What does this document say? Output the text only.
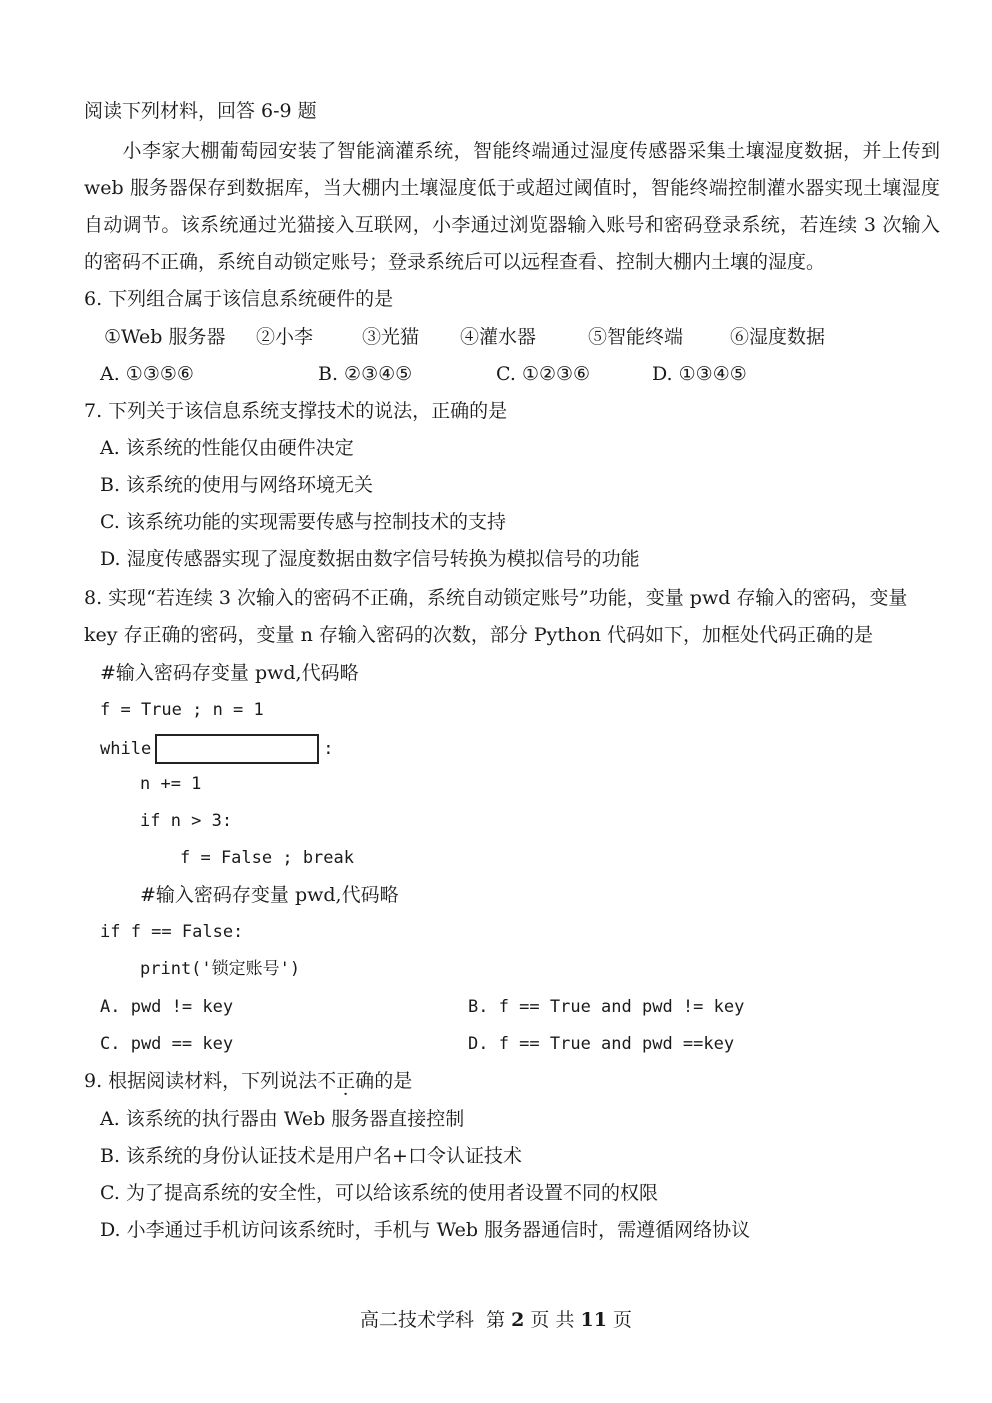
阅读下列材料，回答 6-9 题
小李家大棚葡萄园安装了智能滴灌系统，智能终端通过湿度传感器采集土壤湿度数据，并上传到 web 服务器保存到数据库，当大棚内土壤湿度低于或超过阈值时，智能终端控制灌水器实现土壤湿度自动调节。该系统通过光猫接入互联网，小李通过浏览器输入账号和密码登录系统，若连续 3 次输入的密码不正确，系统自动锁定账号；登录系统后可以远程查看、控制大棚内土壤的湿度。
6. 下列组合属于该信息系统硬件的是
①Web 服务器 ②小李	③光猫 ④灌水器	⑤智能终端 ⑥湿度数据
A. ①③⑤⑥	B. ②③④⑤	C. ①②③⑥	D. ①③④⑤
7. 下列关于该信息系统支撑技术的说法，正确的是
A. 该系统的性能仅由硬件决定
B. 该系统的使用与网络环境无关
C. 该系统功能的实现需要传感与控制技术的支持
D. 湿度传感器实现了湿度数据由数字信号转换为模拟信号的功能
8. 实现“若连续 3 次输入的密码不正确，系统自动锁定账号”功能，变量 pwd 存输入的密码，变量
key 存正确的密码，变量 n 存输入密码的次数，部分 Python 代码如下，加框处代码正确的是
#输入密码存变量 pwd,代码略
f = True ; n = 1
while	:
n += 1
if n > 3:
f = False ; break
#输入密码存变量 pwd,代码略
if f == False:
print('锁定账号')
A. pwd != key	B. f == True and pwd != key
C. pwd == key	D. f == True and pwd ==key
9. 根据阅读材料，下列说法不正确的是
A. 该系统的执行器由 Web 服务器直接控制
B. 该系统的身份认证技术是用户名+口令认证技术
C. 为了提高系统的安全性，可以给该系统的使用者设置不同的权限
D. 小李通过手机访问该系统时，手机与 Web 服务器通信时，需遵循网络协议
高二技术学科 第 2 页 共 11 页
